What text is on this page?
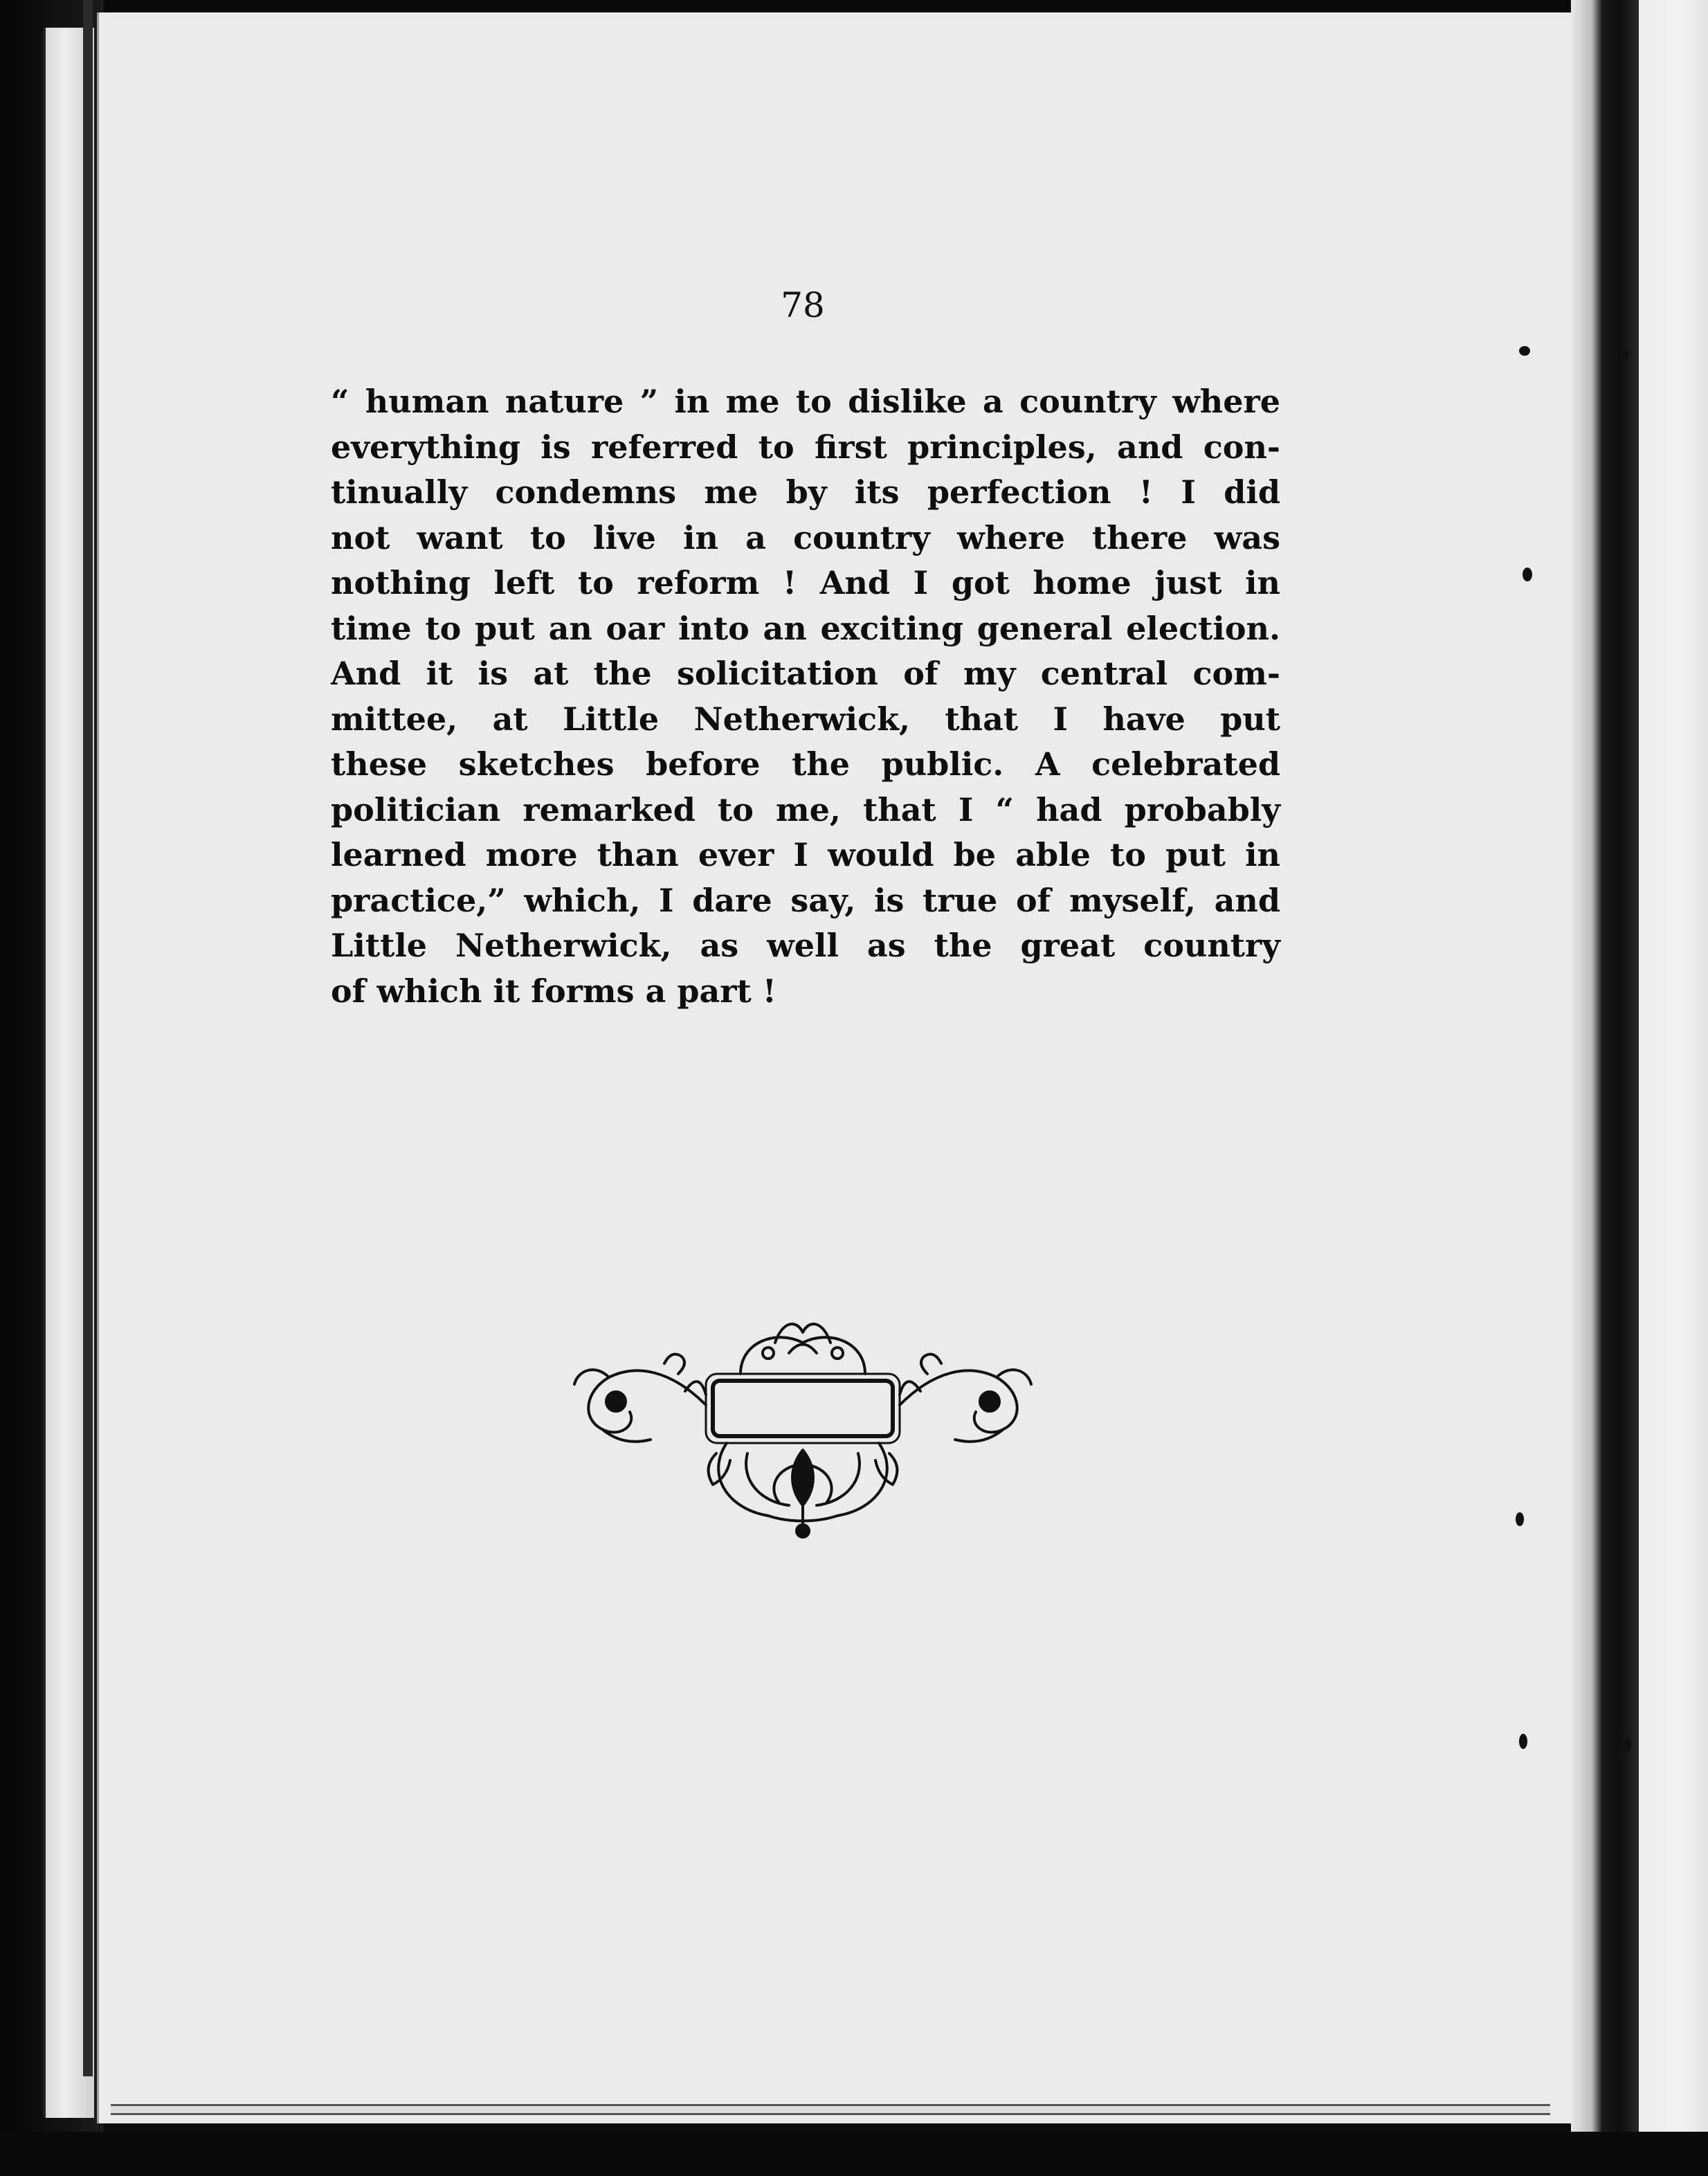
78
“ human nature ” in me to dislike a country where
everything is referred to first principles, and con-
tinually condemns me by its perfection ! I did
not want to live in a country where there was
nothing left to reform ! And I got home just in
time to put an oar into an exciting general election.
And it is at the solicitation of my central com-
mittee, at Little Netherwick, that I have put
these sketches before the public. A celebrated
politician remarked to me, that I “ had probably
learned more than ever I would be able to put in
practice,” which, I dare say, is true of myself, and
Little Netherwick, as well as the great country
of which it forms a part !
